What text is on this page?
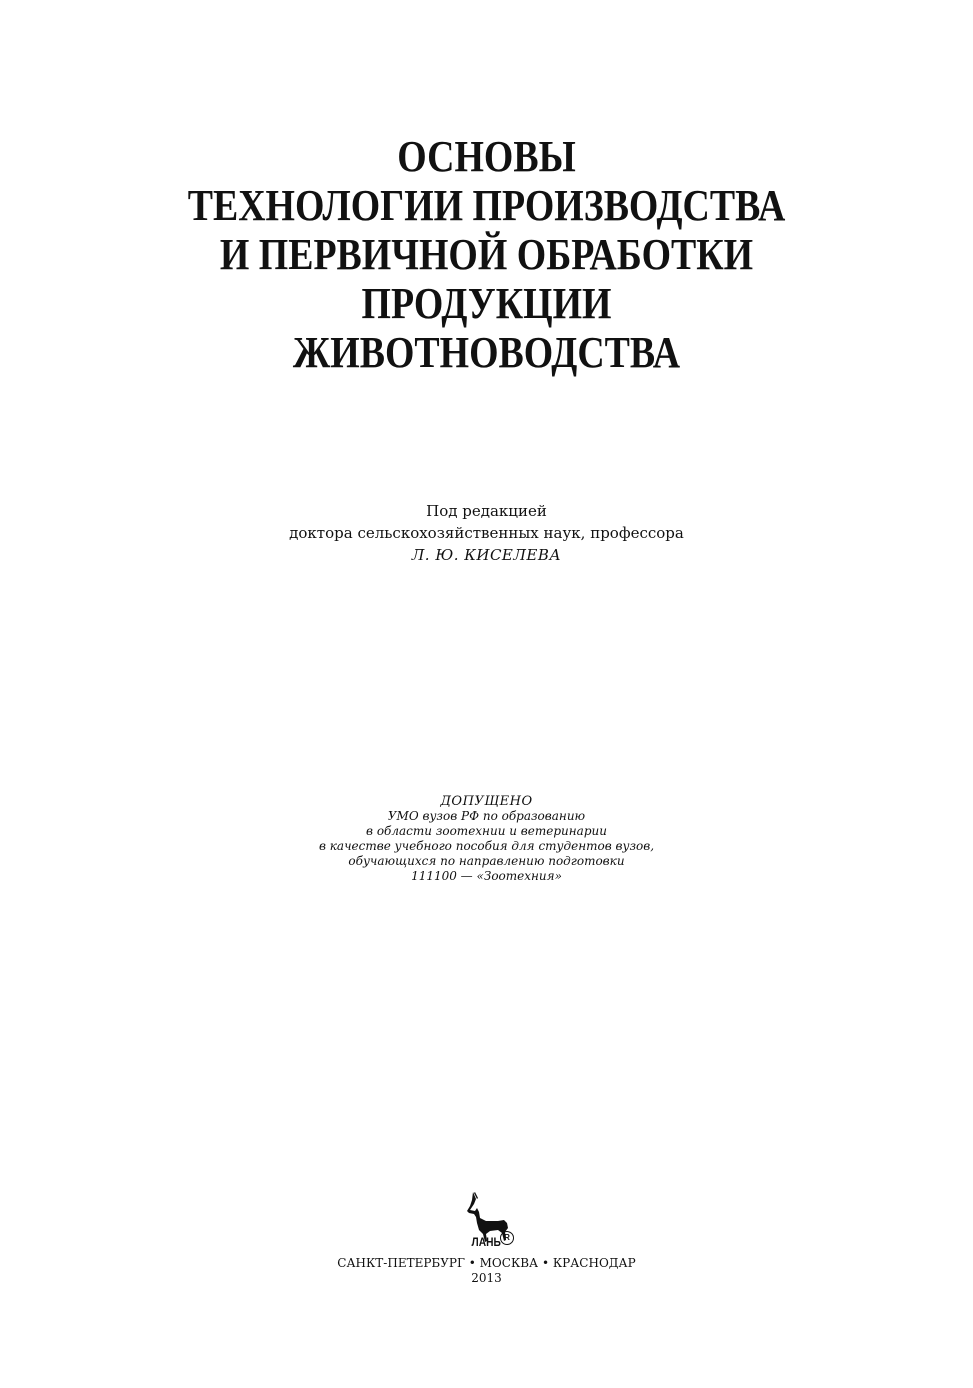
ОСНОВЫ
ТЕХНОЛОГИИ ПРОИЗВОДСТВА
И ПЕРВИЧНОЙ ОБРАБОТКИ
ПРОДУКЦИИ
ЖИВОТНОВОДСТВА
Под редакцией
доктора сельскохозяйственных наук, профессора
Л. Ю. КИСЕЛЕВА
ДОПУЩЕНО
УМО вузов РФ по образованию
в области зоотехнии и ветеринарии
в качестве учебного пособия для студентов вузов,
обучающихся по направлению подготовки
111100 — «Зоотехния»
ЛАНЬ R
САНКТ-ПЕТЕРБУРГ • МОСКВА • КРАСНОДАР
2013
